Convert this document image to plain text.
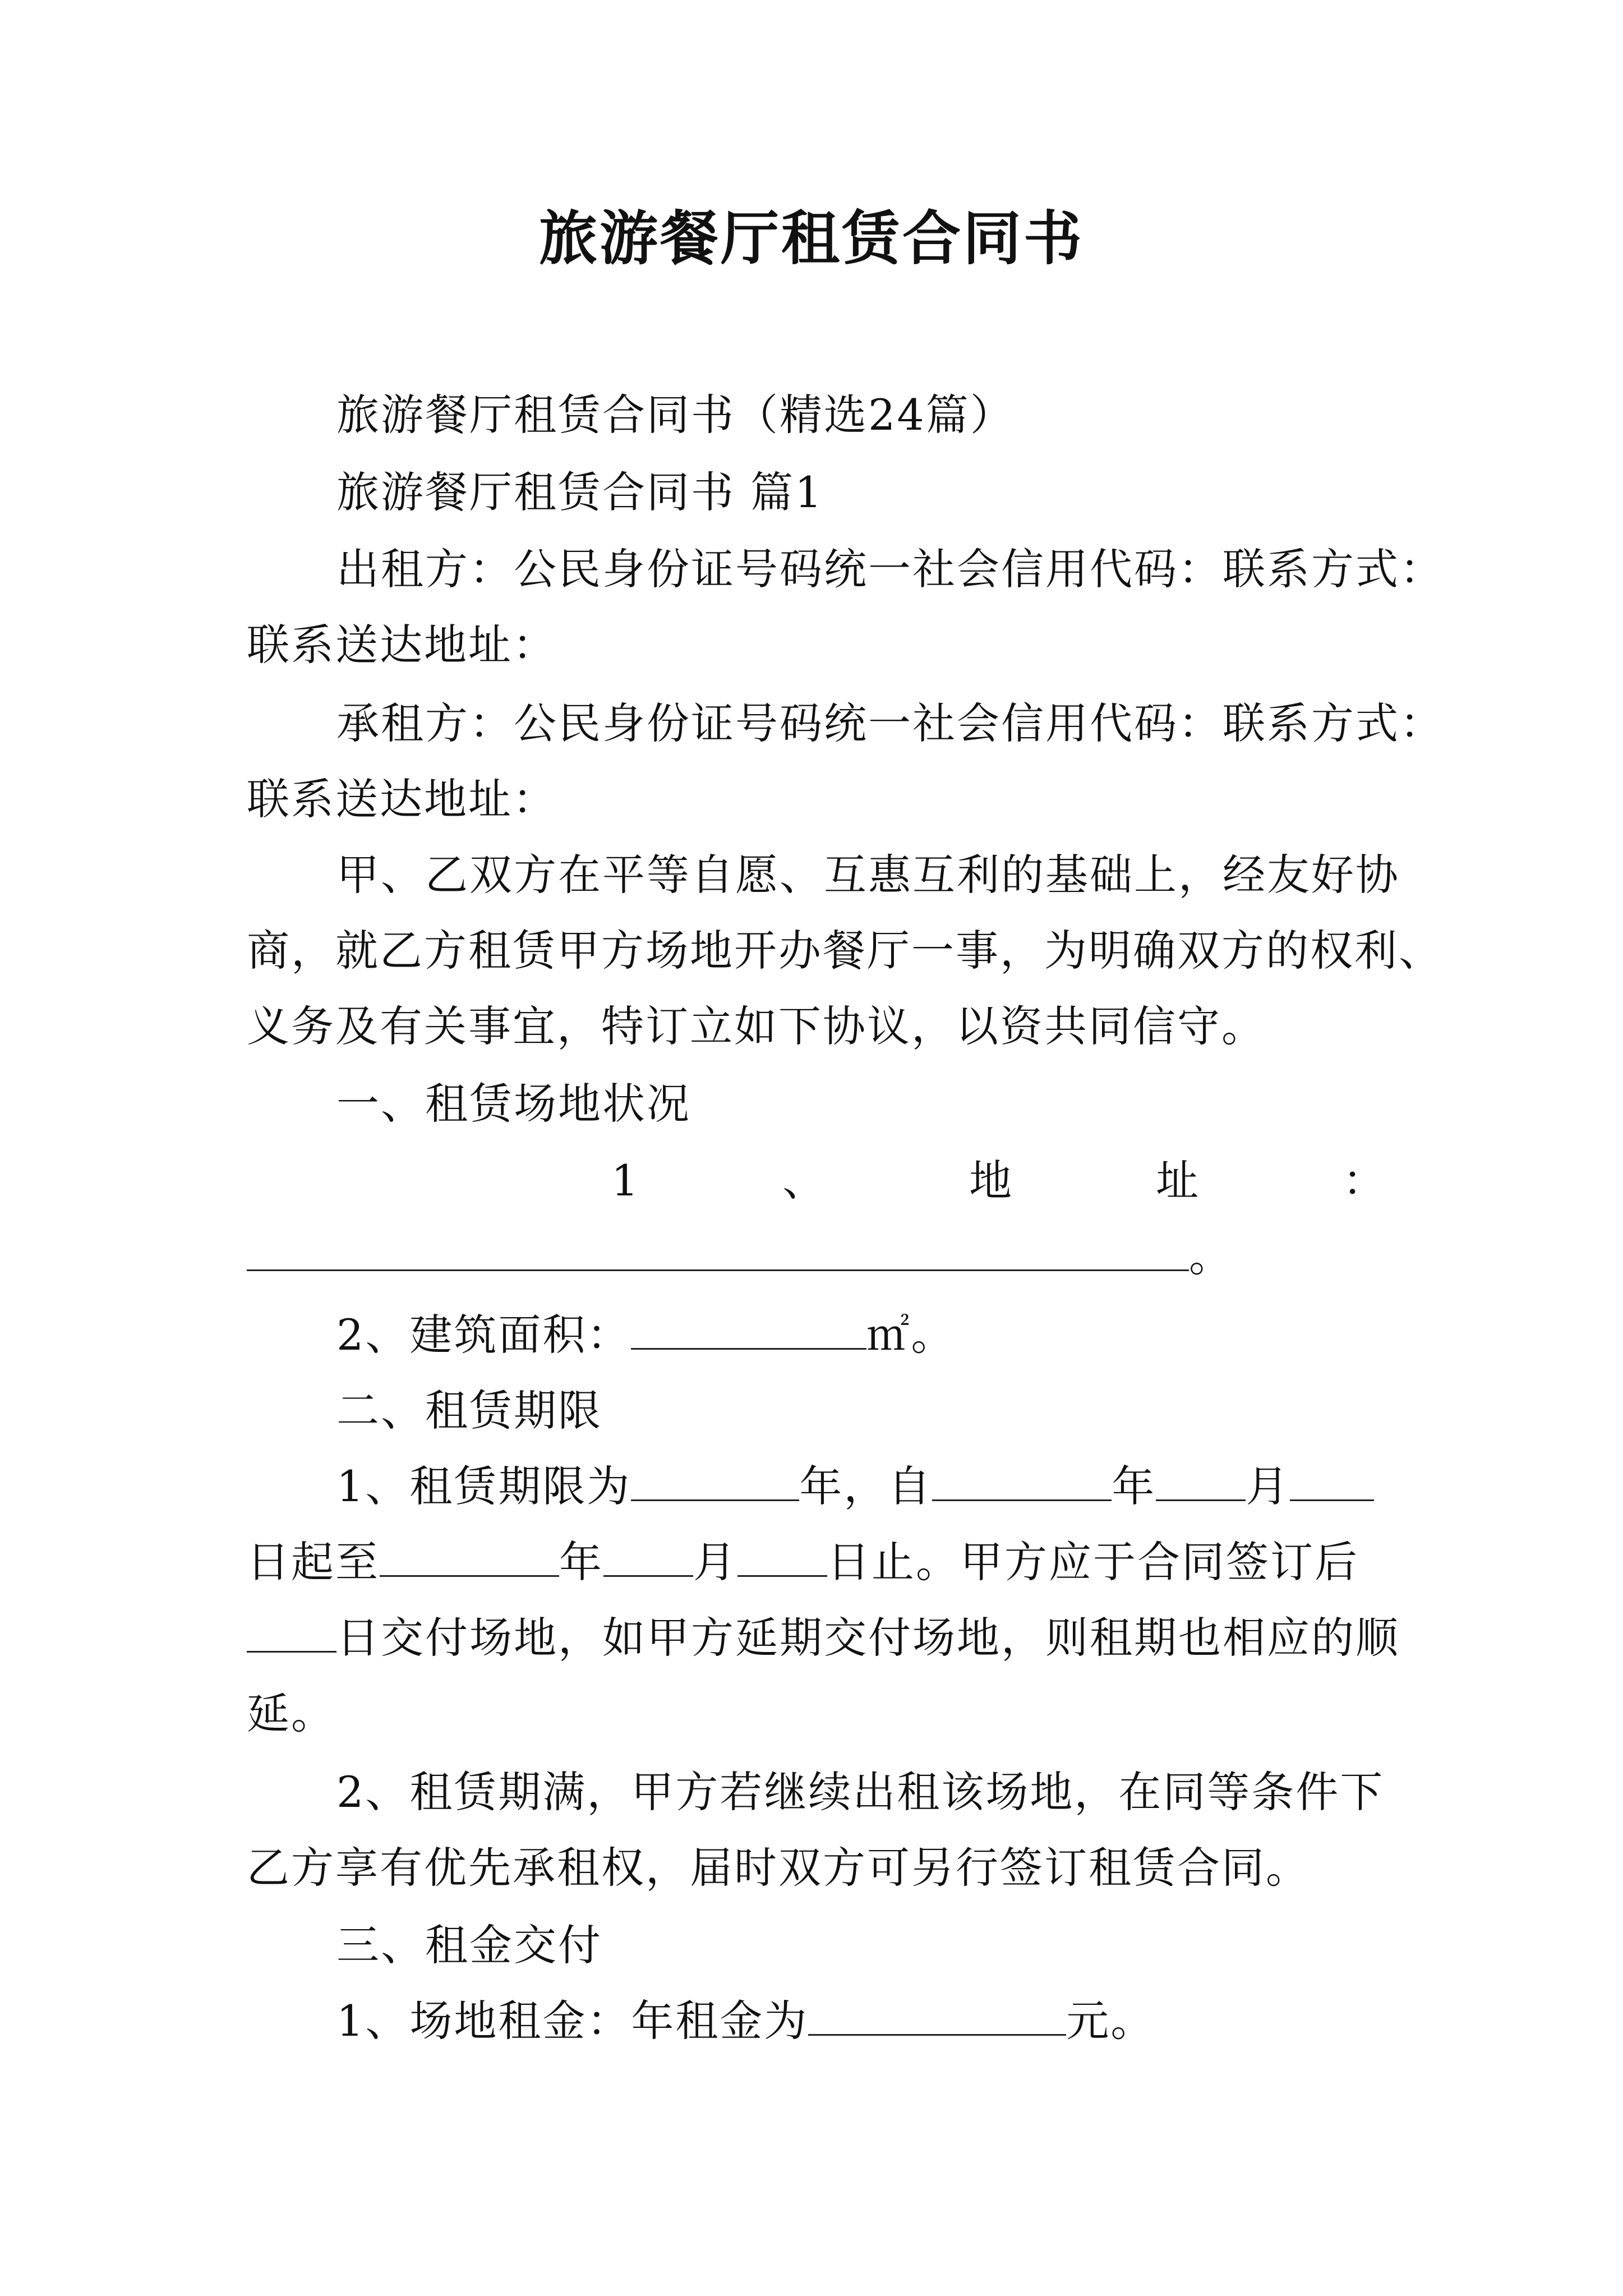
旅游餐厅租赁合同书
旅游餐厅租赁合同书（精选24篇）
旅游餐厅租赁合同书 篇1
出租方：公民身份证号码统一社会信用代码：联系方式：
联系送达地址：
承租方：公民身份证号码统一社会信用代码：联系方式：
联系送达地址：
甲、乙双方在平等自愿、互惠互利的基础上，经友好协
商，就乙方租赁甲方场地开办餐厅一事，为明确双方的权利、
义务及有关事宜，特订立如下协议，以资共同信守。
一、租赁场地状况
1	、	地	址	：
。
2、建筑面积：	㎡。
二、租赁期限
1、租赁期限为	年，自	年 月
日起至	年 月 日止。甲方应于合同签订后
日交付场地，如甲方延期交付场地，则租期也相应的顺
延。
2、租赁期满，甲方若继续出租该场地，在同等条件下
乙方享有优先承租权，届时双方可另行签订租赁合同。
三、租金交付
1、场地租金：年租金为	元。
